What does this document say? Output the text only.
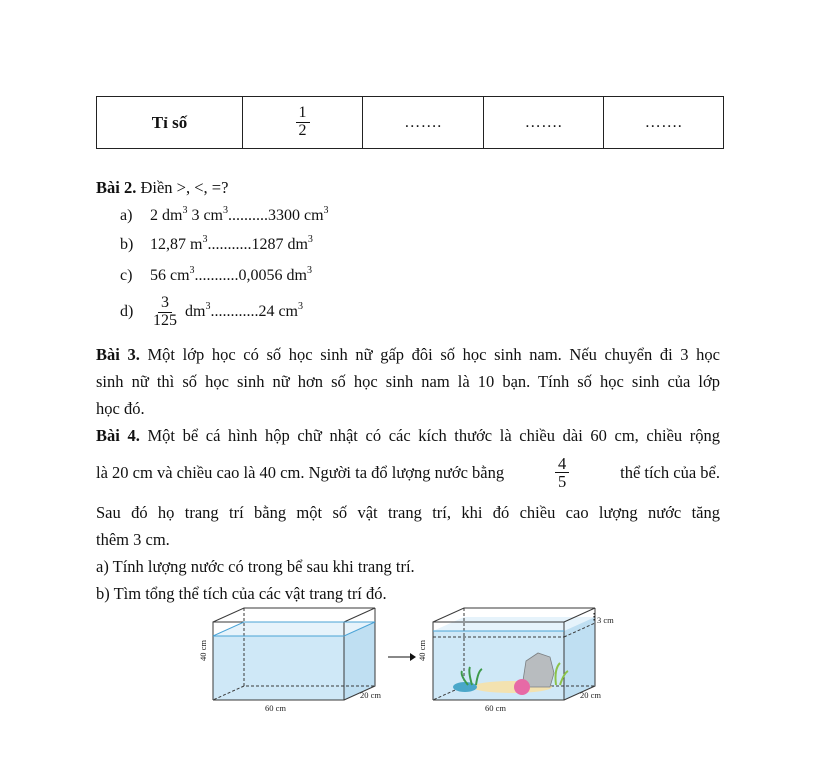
Tỉ số	$\frac{1}{2}$	…….	…….	…….
Bài 2. Điền >, <, =?
a) 2 $dm^3$ 3 $cm^3..........3300$ $cm^3$
b) 12,87 $m^3...........1287$ $dm^3$
c) 56 $cm^3...........0,0056$ $dm^3$
$d) \frac{3}{125} dm^3............24$ $cm^3$
Bài 3. Một lớp học có số học sinh nữ gấp đôi số học sinh nam. Nếu chuyển đi 3 học
sinh nữ thì số học sinh nữ hơn số học sinh nam là 10 bạn. Tính số học sinh của lớp
học đó.
Bài 4. Một bể cá hình hộp chữ nhật có các kích thước là chiều dài 60 cm, chiều rộng
là 20 cm và chiều cao là 40 cm. Người ta đổ lượng nước bằng	$\frac{4}{5}$	thể tích của bể.
Sau đó họ trang trí bằng một số vật trang trí, khi đó chiều cao lượng nước tăng
thêm 3 cm.
a) Tính lượng nước có trong bể sau khi trang trí.
b) Tìm tổng thể tích của các vật trang trí đó.
40 cm
60 cm
20 cm
40 cm
60 cm
20 cm
3 cm
